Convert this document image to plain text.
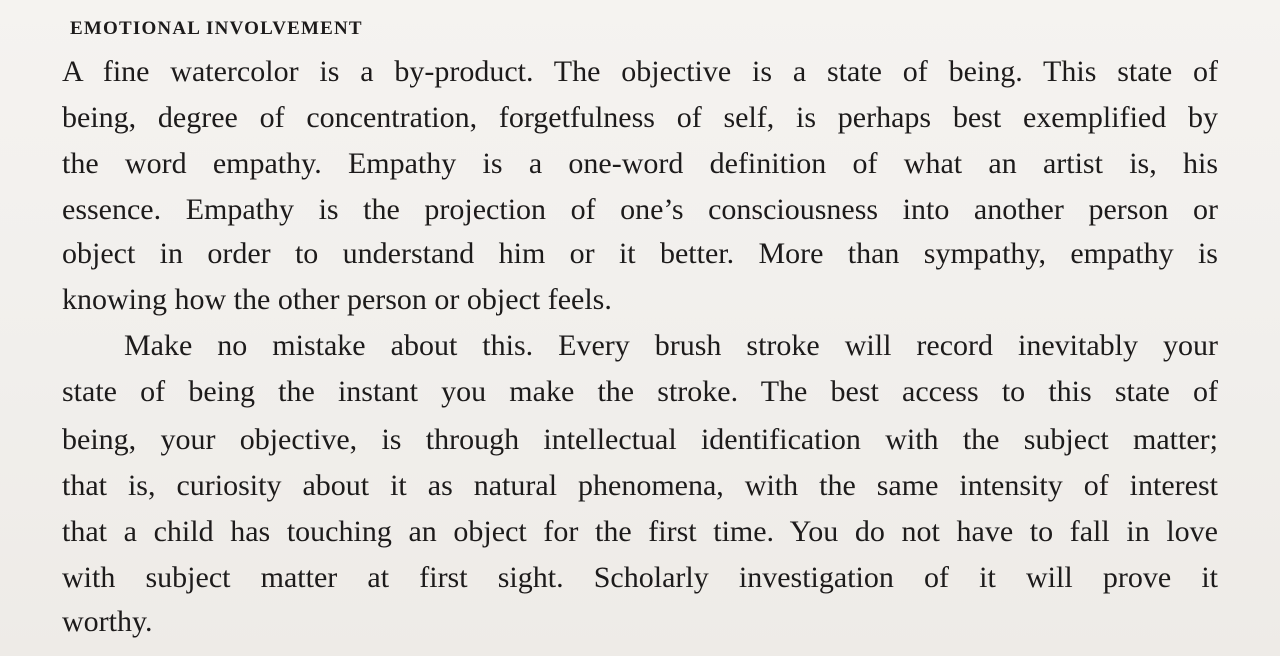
EMOTIONAL INVOLVEMENT

A fine watercolor is a by-product. The objective is a state of being. This state of

being, degree of concentration, forgetfulness of self, is perhaps best exemplified by

the word empathy. Empathy is a one-word definition of what an artist is, his

essence. Empathy is the projection of one’s consciousness into another person or

object in order to understand him or it better. More than sympathy, empathy is

knowing how the other person or object feels.

Make no mistake about this. Every brush stroke will record inevitably your

state of being the instant you make the stroke. The best access to this state of

being, your objective, is through intellectual identification with the subject matter;

that is, curiosity about it as natural phenomena, with the same intensity of interest

that a child has touching an object for the first time. You do not have to fall in love

with subject matter at first sight. Scholarly investigation of it will prove it

worthy.
